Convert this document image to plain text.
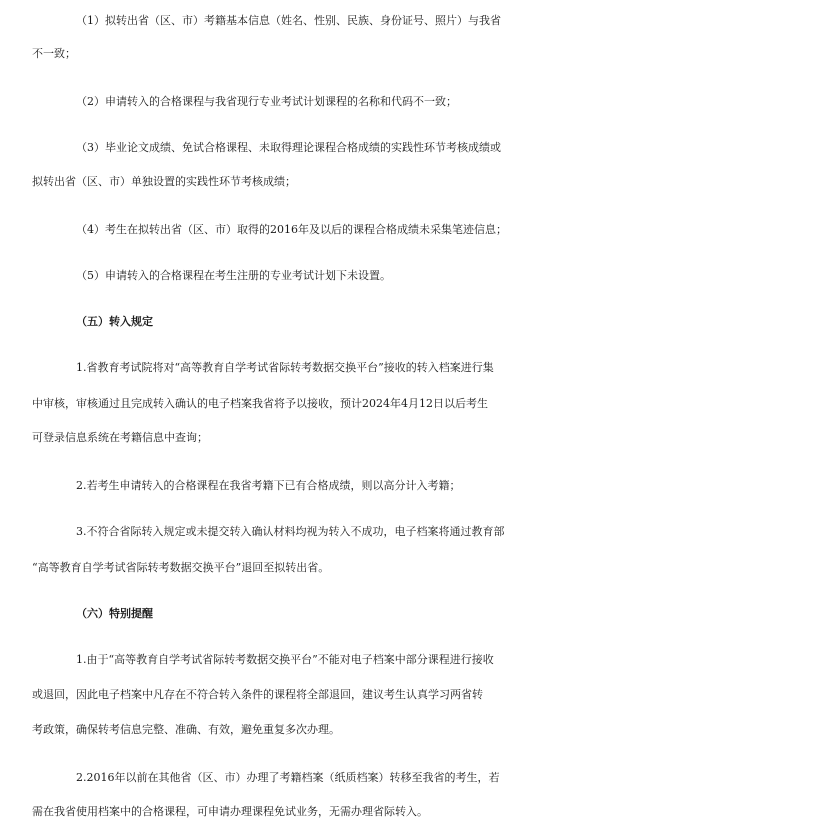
（1）拟转出省（区、市）考籍基本信息（姓名、性别、民族、身份证号、照片）与我省
不一致；
（2）申请转入的合格课程与我省现行专业考试计划课程的名称和代码不一致；
（3）毕业论文成绩、免试合格课程、未取得理论课程合格成绩的实践性环节考核成绩或
拟转出省（区、市）单独设置的实践性环节考核成绩；
（4）考生在拟转出省（区、市）取得的2016年及以后的课程合格成绩未采集笔迹信息；
（5）申请转入的合格课程在考生注册的专业考试计划下未设置。
（五）转入规定
1.省教育考试院将对“高等教育自学考试省际转考数据交换平台”接收的转入档案进行集
中审核，审核通过且完成转入确认的电子档案我省将予以接收，预计2024年4月12日以后考生
可登录信息系统在考籍信息中查询；
2.若考生申请转入的合格课程在我省考籍下已有合格成绩，则以高分计入考籍；
3.不符合省际转入规定或未提交转入确认材料均视为转入不成功，电子档案将通过教育部
“高等教育自学考试省际转考数据交换平台”退回至拟转出省。
（六）特别提醒
1.由于“高等教育自学考试省际转考数据交换平台”不能对电子档案中部分课程进行接收
或退回，因此电子档案中凡存在不符合转入条件的课程将全部退回，建议考生认真学习两省转
考政策，确保转考信息完整、准确、有效，避免重复多次办理。
2.2016年以前在其他省（区、市）办理了考籍档案（纸质档案）转移至我省的考生，若
需在我省使用档案中的合格课程，可申请办理课程免试业务，无需办理省际转入。
